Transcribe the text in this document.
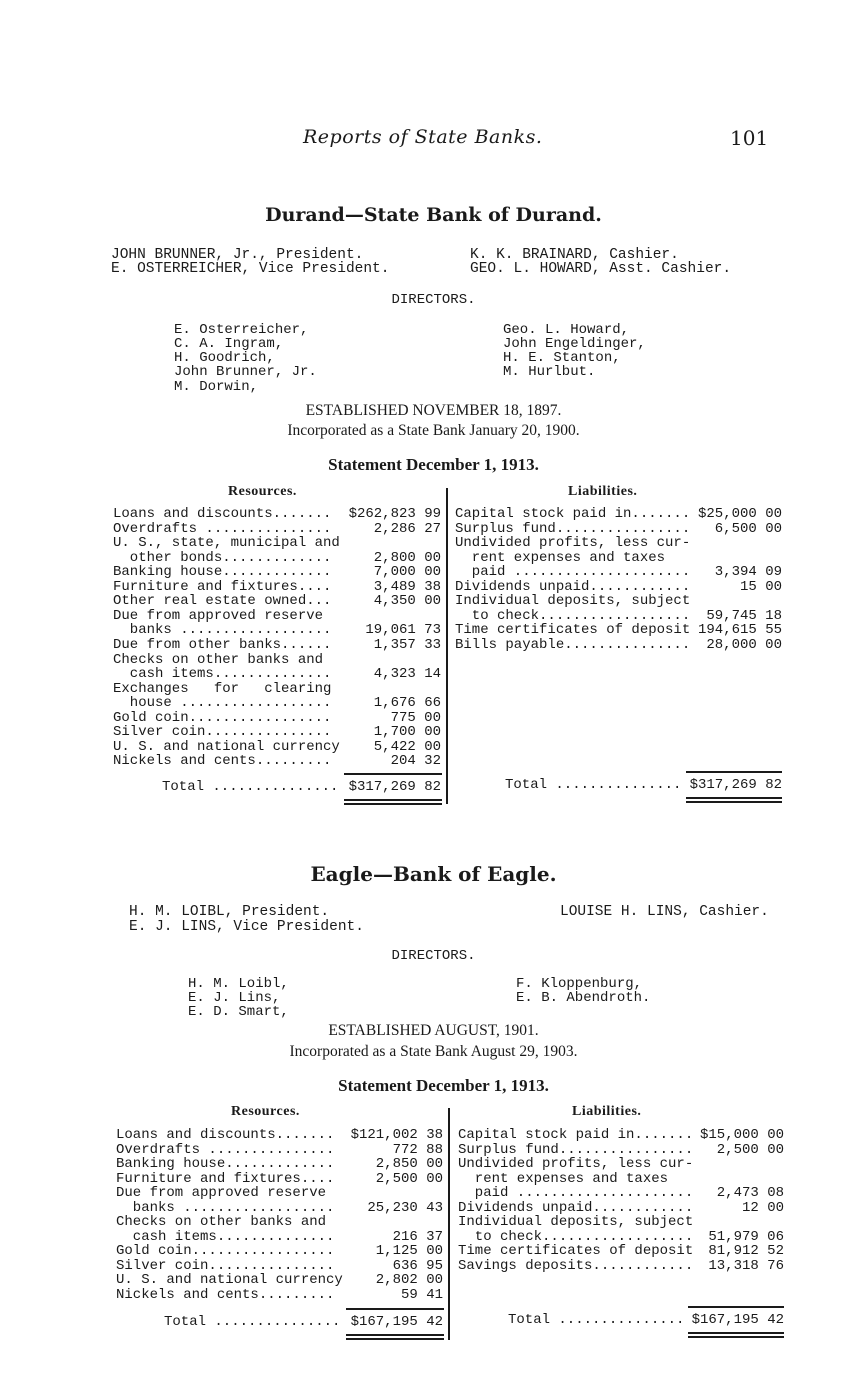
Reports of State Banks.	101
Durand—State Bank of Durand.
JOHN BRUNNER, Jr., President.
E. OSTERREICHER, Vice President.
K. K. BRAINARD, Cashier.
GEO. L. HOWARD, Asst. Cashier.
DIRECTORS.
E. Osterreicher,
C. A. Ingram,
H. Goodrich,
John Brunner, Jr.
M. Dorwin,
Geo. L. Howard,
John Engeldinger,
H. E. Stanton,
M. Hurlbut.
ESTABLISHED NOVEMBER 18, 1897.
Incorporated as a State Bank January 20, 1900.
Statement December 1, 1913.
Resources.	Liabilities.
Loans and discounts.......	$262,823 99
Overdrafts ...............	2,286 27
U. S., state, municipal and
other bonds.............	2,800 00
Banking house.............	7,000 00
Furniture and fixtures....	3,489 38
Other real estate owned...	4,350 00
Due from approved reserve
banks ..................	19,061 73
Due from other banks......	1,357 33
Checks on other banks and
cash items..............	4,323 14
Exchanges   for   clearing
house ..................	1,676 66
Gold coin.................	775 00
Silver coin...............	1,700 00
U. S. and national currency	5,422 00
Nickels and cents.........	204 32
Capital stock paid in....... $25,000 00
Surplus fund................	6,500 00
Undivided profits, less cur-
rent expenses and taxes
paid .....................	3,394 09
Dividends unpaid............	15 00
Individual deposits, subject
to check..................	59,745 18
Time certificates of deposit 194,615 55
Bills payable...............	28,000 00
Total ............... $317,269 82	Total ............... $317,269 82
Eagle—Bank of Eagle.
H. M. LOIBL, President.
E. J. LINS, Vice President.
LOUISE H. LINS, Cashier.
DIRECTORS.
H. M. Loibl,
E. J. Lins,
E. D. Smart,
F. Kloppenburg,
E. B. Abendroth.
ESTABLISHED AUGUST, 1901.
Incorporated as a State Bank August 29, 1903.
Statement December 1, 1913.
Resources.	Liabilities.
Loans and discounts.......	$121,002 38
Overdrafts ...............	772 88
Banking house.............	2,850 00
Furniture and fixtures....	2,500 00
Due from approved reserve
banks ..................	25,230 43
Checks on other banks and
cash items..............	216 37
Gold coin.................	1,125 00
Silver coin...............	636 95
U. S. and national currency	2,802 00
Nickels and cents.........	59 41
Capital stock paid in....... $15,000 00
Surplus fund................	2,500 00
Undivided profits, less cur-
rent expenses and taxes
paid .....................	2,473 08
Dividends unpaid............	12 00
Individual deposits, subject
to check..................	51,979 06
Time certificates of deposit	81,912 52
Savings deposits............	13,318 76
Total ............... $167,195 42	Total ............... $167,195 42
